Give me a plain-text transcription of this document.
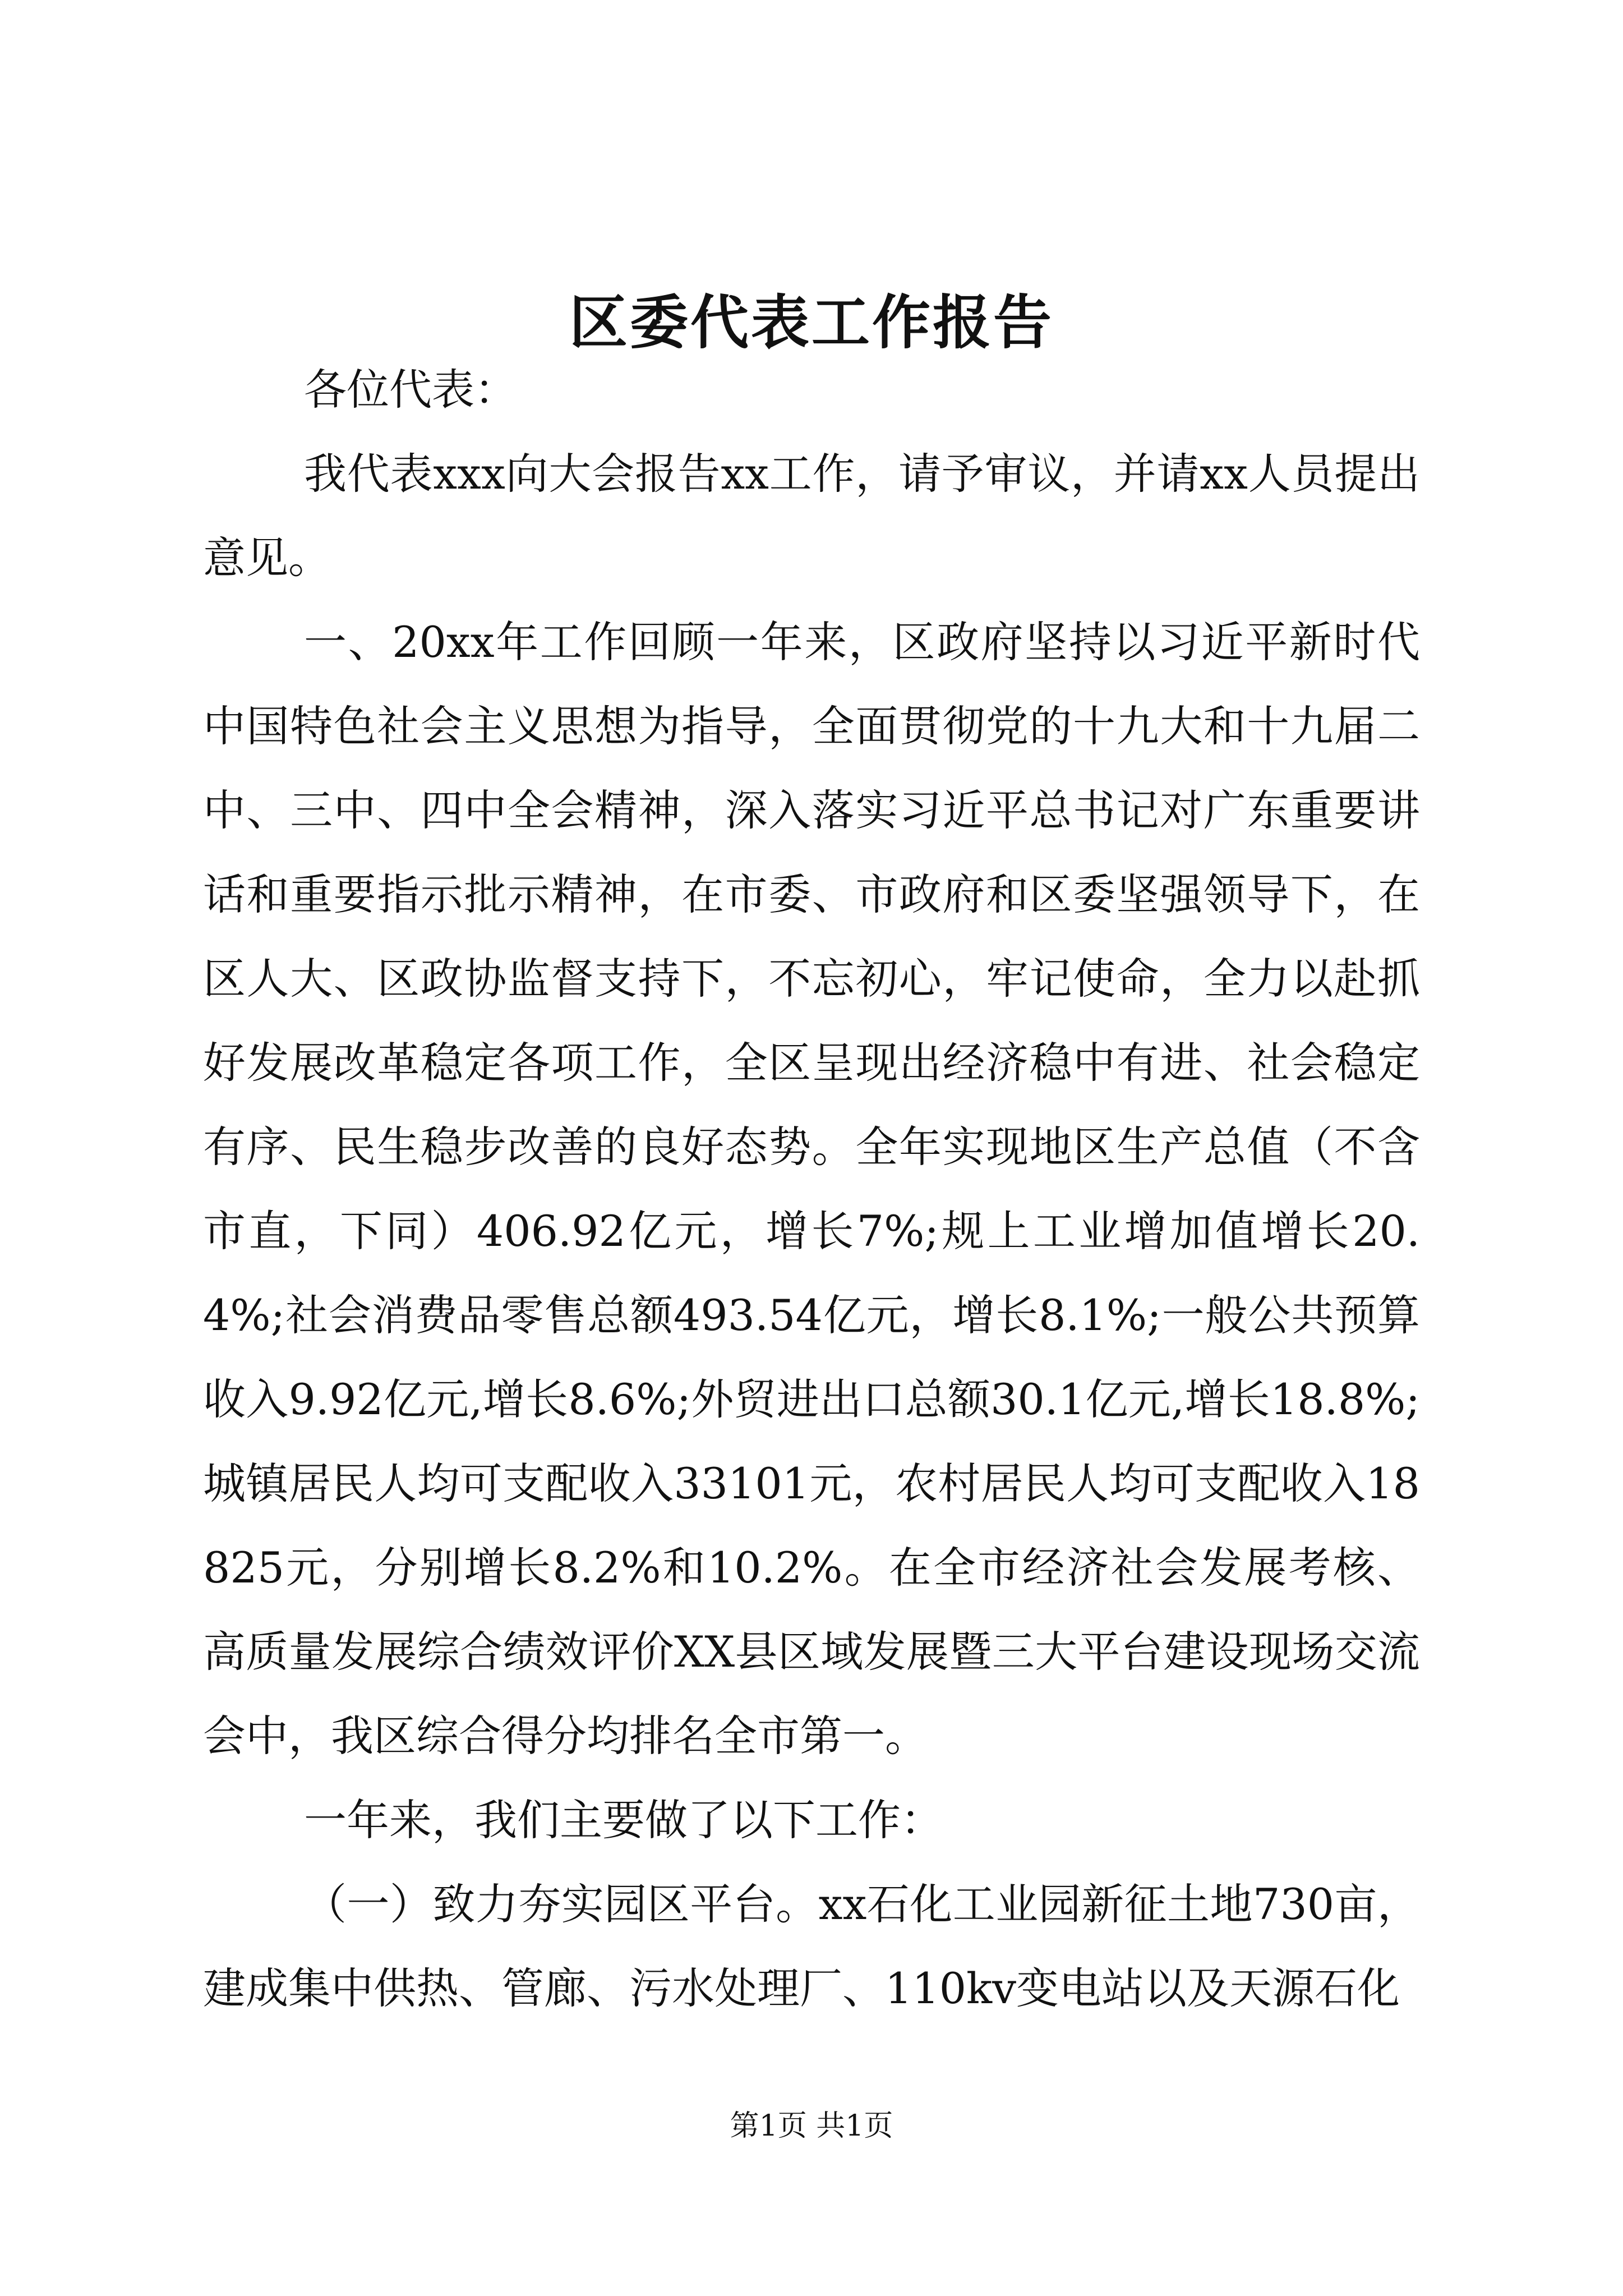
区委代表工作报告

各位代表：

我代表xxx向大会报告xx工作，请予审议，并请xx人员提出意见。

一、20xx年工作回顾一年来，区政府坚持以习近平新时代中国特色社会主义思想为指导，全面贯彻党的十九大和十九届二中、三中、四中全会精神，深入落实习近平总书记对广东重要讲话和重要指示批示精神，在市委、市政府和区委坚强领导下，在区人大、区政协监督支持下，不忘初心，牢记使命，全力以赴抓好发展改革稳定各项工作，全区呈现出经济稳中有进、社会稳定有序、民生稳步改善的良好态势。全年实现地区生产总值（不含市直，下同）406.92亿元，增长7%;规上工业增加值增长20.4%;社会消费品零售总额493.54亿元，增长8.1%;一般公共预算收入9.92亿元,增长8.6%;外贸进出口总额30.1亿元,增长18.8%;城镇居民人均可支配收入33101元，农村居民人均可支配收入18825元，分别增长8.2%和10.2%。在全市经济社会发展考核、高质量发展综合绩效评价XX县区域发展暨三大平台建设现场交流会中，我区综合得分均排名全市第一。

一年来，我们主要做了以下工作：

（一）致力夯实园区平台。xx石化工业园新征土地730亩，建成集中供热、管廊、污水处理厂、110kv变电站以及天源石化

第1页 共1页
